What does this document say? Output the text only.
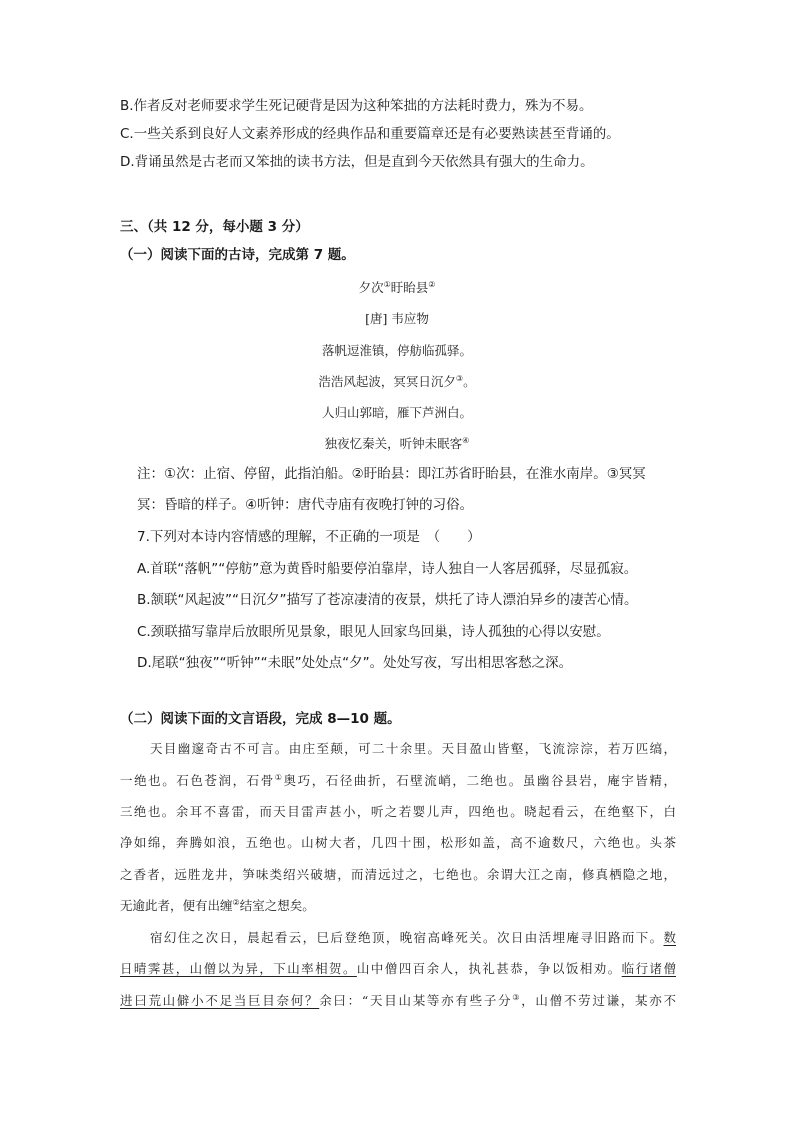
B.作者反对老师要求学生死记硬背是因为这种笨拙的方法耗时费力，殊为不易。
C.一些关系到良好人文素养形成的经典作品和重要篇章还是有必要熟读甚至背诵的。
D.背诵虽然是古老而又笨拙的读书方法，但是直到今天依然具有强大的生命力。
三、（共 12 分，每小题 3 分）
（一）阅读下面的古诗，完成第 7 题。
夕次①盱眙县②
[唐] 韦应物
落帆逗淮镇，停舫临孤驿。
浩浩风起波，冥冥日沉夕③。
人归山郭暗，雁下芦洲白。
独夜忆秦关，听钟未眠客④
注：①次：止宿、停留，此指泊船。②盱眙县：即江苏省盱眙县，在淮水南岸。③冥冥
冥：昏暗的样子。④听钟：唐代寺庙有夜晚打钟的习俗。
7.下列对本诗内容情感的理解，不正确的一项是　（　　）
A.首联“落帆”“停舫”意为黄昏时船要停泊靠岸，诗人独自一人客居孤驿，尽显孤寂。
B.颔联“风起波”“日沉夕”描写了苍凉凄清的夜景，烘托了诗人漂泊异乡的凄苦心情。
C.颈联描写靠岸后放眼所见景象，眼见人回家鸟回巢，诗人孤独的心得以安慰。
D.尾联“独夜”“听钟”“未眠”处处点“夕”。处处写夜，写出相思客愁之深。
（二）阅读下面的文言语段，完成 8—10 题。
天目幽邃奇古不可言。由庄至颠，可二十余里。天目盈山皆壑，飞流淙淙，若万匹缟，
一绝也。石色苍润，石骨①奥巧，石径曲折，石壁流峭，二绝也。虽幽谷县岩，庵宇皆精，
三绝也。余耳不喜雷，而天目雷声甚小，听之若婴儿声，四绝也。晓起看云，在绝壑下，白
净如绵，奔腾如浪，五绝也。山树大者，几四十围，松形如盖，高不逾数尺，六绝也。头茶
之香者，远胜龙井，笋味类绍兴破塘，而清远过之，七绝也。余谓大江之南，修真栖隐之地，
无逾此者，便有出缠②结室之想矣。
宿幻住之次日，晨起看云，巳后登绝顶，晚宿高峰死关。次日由活埋庵寻旧路而下。数
日晴霁甚，山僧以为异，下山率相贺。山中僧四百余人，执礼甚恭，争以饭相劝。临行诸僧
进曰荒山僻小不足当巨目奈何？余曰：“天目山某等亦有些子分③，山僧不劳过谦，某亦不
